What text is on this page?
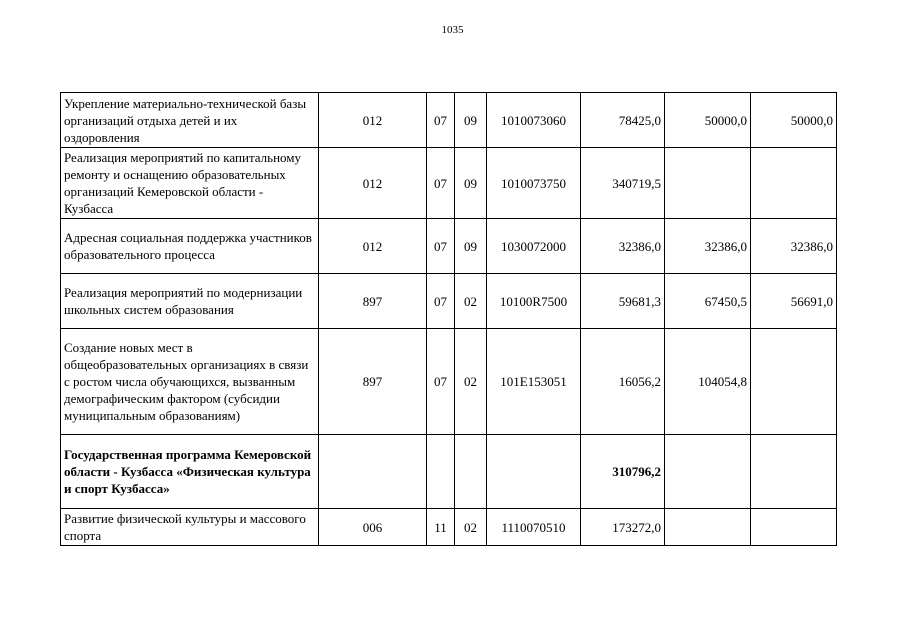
1035
Укрепление материально-технической базы организаций отдыха детей и их оздоровления	012	07	09	1010073060	78425,0	50000,0	50000,0
Реализация мероприятий по капитальному ремонту и оснащению образовательных организаций Кемеровской области - Кузбасса	012	07	09	1010073750	340719,5		
Адресная социальная поддержка участников образовательного процесса	012	07	09	1030072000	32386,0	32386,0	32386,0
Реализация мероприятий по модернизации школьных систем образования	897	07	02	10100R7500	59681,3	67450,5	56691,0
Создание новых мест в общеобразовательных организациях в связи с ростом числа обучающихся, вызванным демографическим фактором (субсидии муниципальным образованиям)	897	07	02	101E153051	16056,2	104054,8	
Государственная программа Кемеровской области - Кузбасса «Физическая культура и спорт Кузбасса»					310796,2		
Развитие физической культуры и массового спорта	006	11	02	1110070510	173272,0		
